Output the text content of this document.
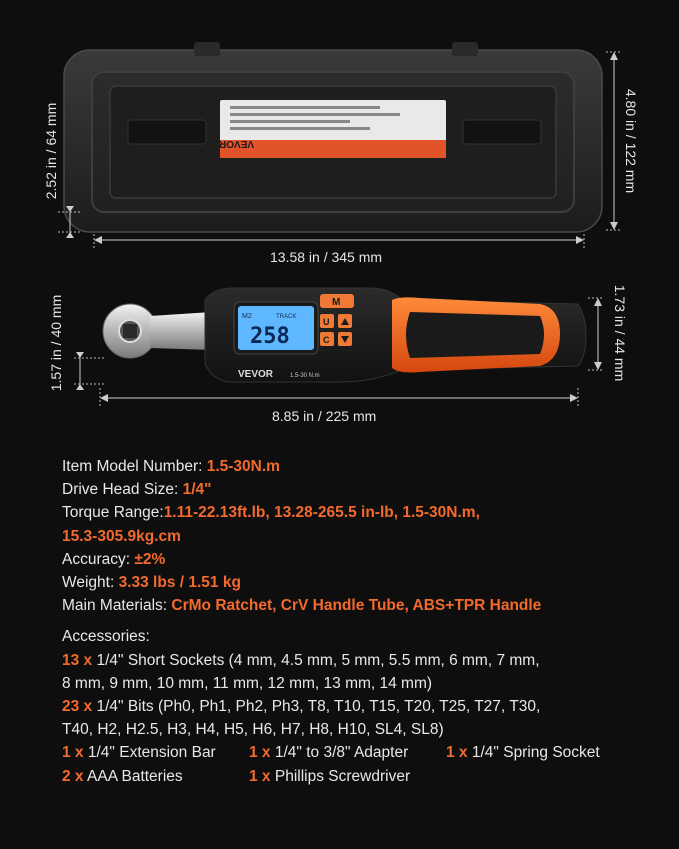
VEVOR
M2	TRACK
258
M
U
C
VEVOR	1.5-30 N.m
4.80 in / 122 mm
2.52 in / 64 mm
13.58 in / 345 mm
1.73 in / 44 mm
1.57 in / 40 mm
8.85 in / 225 mm
Item Model Number: 1.5-30N.m
Drive Head Size: 1/4"
Torque Range:1.11-22.13ft.lb, 13.28-265.5 in-lb, 1.5-30N.m,
15.3-305.9kg.cm
Accuracy: ±2%
Weight: 3.33 lbs / 1.51 kg
Main Materials: CrMo Ratchet, CrV Handle Tube, ABS+TPR Handle
Accessories:
13 x 1/4" Short Sockets (4 mm, 4.5 mm, 5 mm, 5.5 mm, 6 mm, 7 mm,
8 mm, 9 mm, 10 mm, 11 mm, 12 mm, 13 mm, 14 mm)
23 x 1/4" Bits (Ph0, Ph1, Ph2, Ph3, T8, T10, T15, T20, T25, T27, T30,
T40, H2, H2.5, H3, H4, H5, H6, H7, H8, H10, SL4, SL8)
1 x 1/4" Extension Bar 1 x 1/4" to 3/8" Adapter 1 x 1/4" Spring Socket
2 x AAA Batteries	1 x Phillips Screwdriver
